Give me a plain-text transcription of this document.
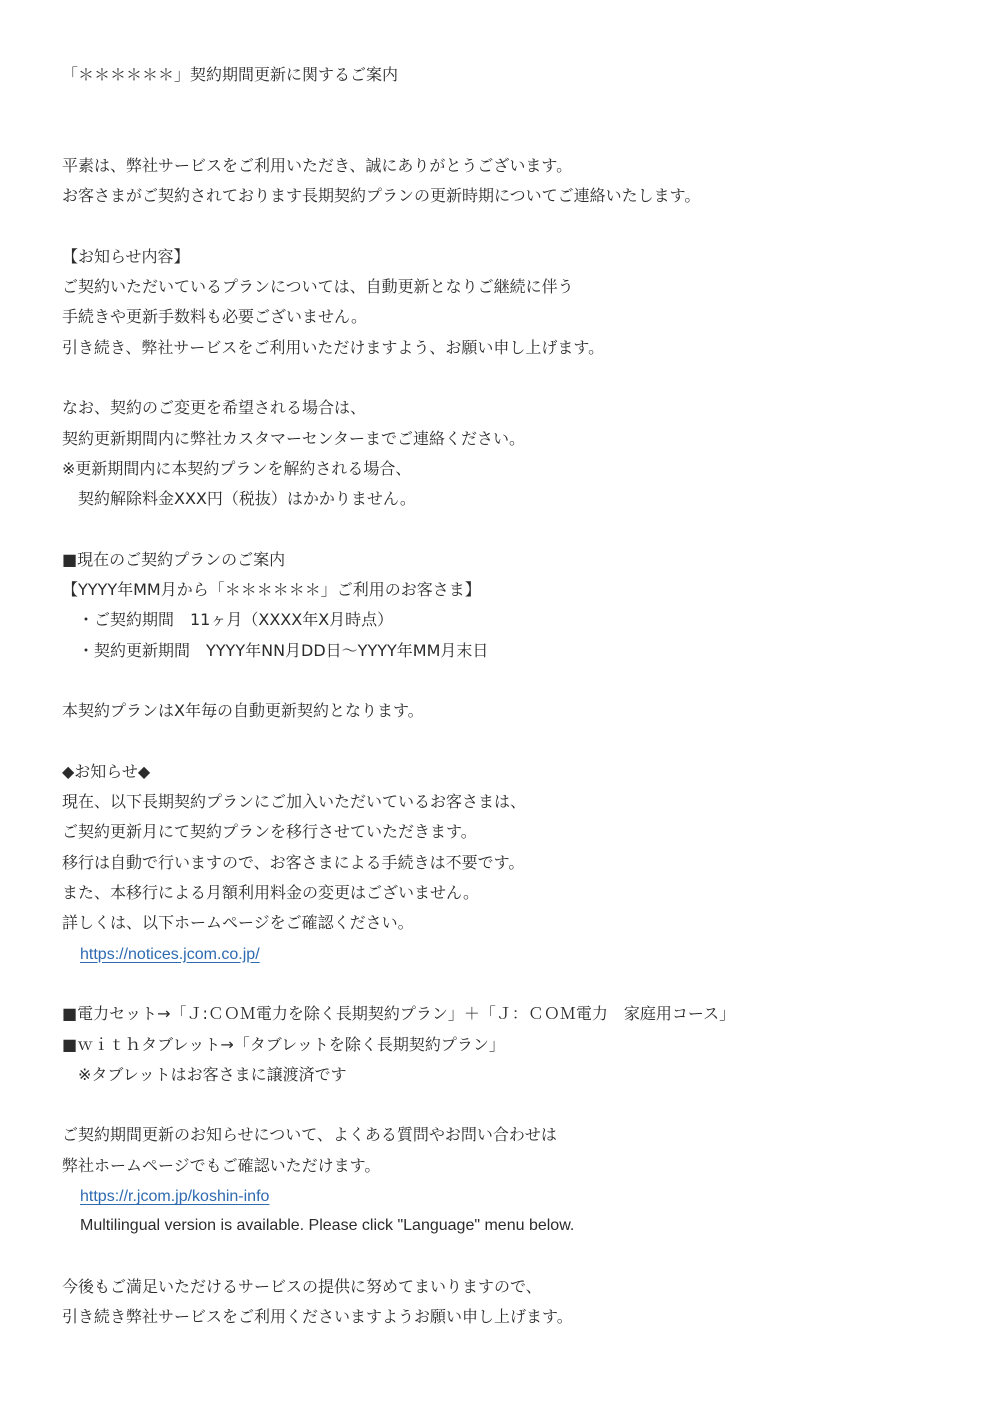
「＊＊＊＊＊＊」契約期間更新に関するご案内
平素は、弊社サービスをご利用いただき、誠にありがとうございます。
お客さまがご契約されております長期契約プランの更新時期についてご連絡いたします。
【お知らせ内容】
ご契約いただいているプランについては、自動更新となりご継続に伴う
手続きや更新手数料も必要ございません。
引き続き、弊社サービスをご利用いただけますよう、お願い申し上げます。
なお、契約のご変更を希望される場合は、
契約更新期間内に弊社カスタマーセンターまでご連絡ください。
※更新期間内に本契約プランを解約される場合、
契約解除料金XXX円（税抜）はかかりません。
■現在のご契約プランのご案内
【YYYY年MM月から「＊＊＊＊＊＊」ご利用のお客さま】
・ご契約期間　11ヶ月（XXXX年X月時点）
・契約更新期間　YYYY年NN月DD日～YYYY年MM月末日
本契約プランはX年毎の自動更新契約となります。
◆お知らせ◆
現在、以下長期契約プランにご加入いただいているお客さまは、
ご契約更新月にて契約プランを移行させていただきます。
移行は自動で行いますので、お客さまによる手続きは不要です。
また、本移行による月額利用料金の変更はございません。
詳しくは、以下ホームページをご確認ください。
https://notices.jcom.co.jp/
■電力セット→「Ｊ:ＣＯＭ電力を除く長期契約プラン」＋「Ｊ：ＣＯＭ電力　家庭用コース」
■ｗｉｔｈタブレット→「タブレットを除く長期契約プラン」
※タブレットはお客さまに譲渡済です
ご契約期間更新のお知らせについて、よくある質問やお問い合わせは
弊社ホームページでもご確認いただけます。
https://r.jcom.jp/koshin-info
Multilingual version is available. Please click "Language" menu below.
今後もご満足いただけるサービスの提供に努めてまいりますので、
引き続き弊社サービスをご利用くださいますようお願い申し上げます。
